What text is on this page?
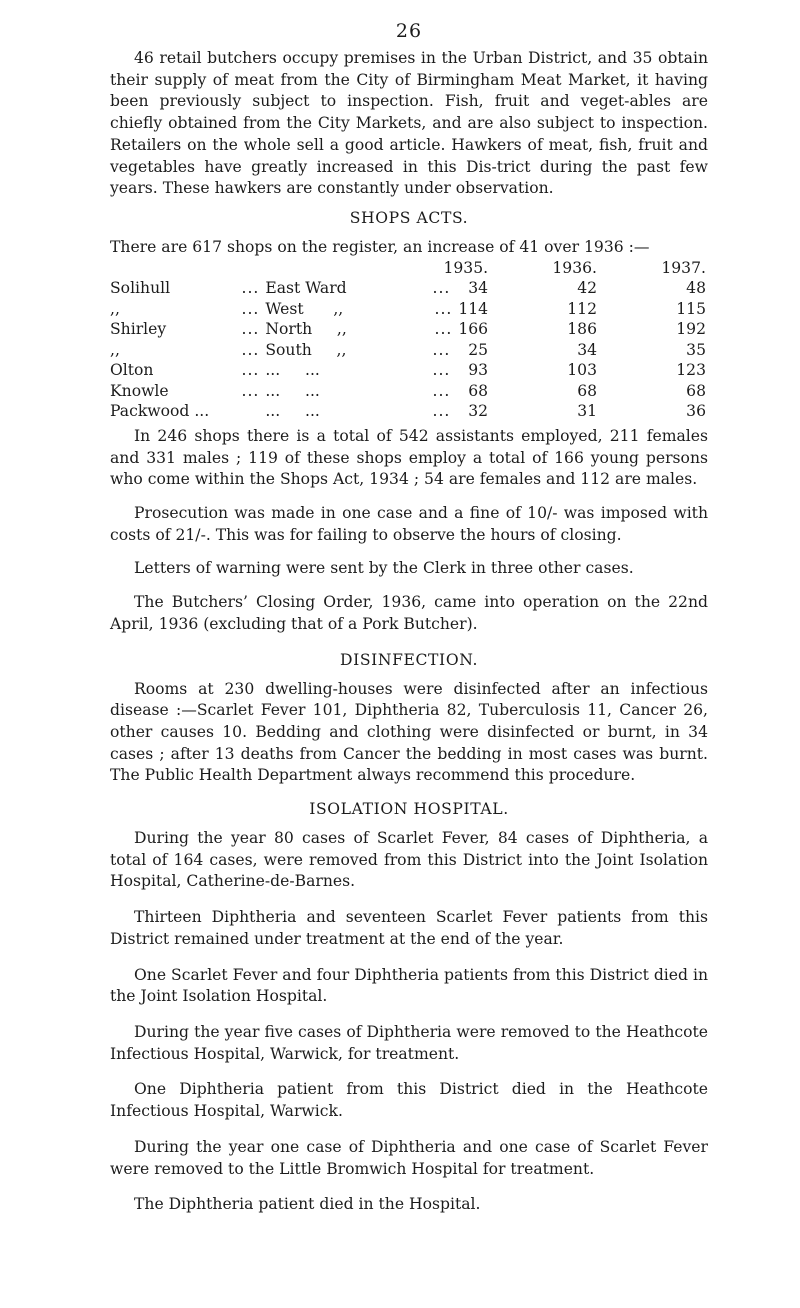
26

46 retail butchers occupy premises in the Urban District, and 35 obtain their supply of meat from the City of Birmingham Meat Market, it having been previously subject to inspection. Fish, fruit and veget-ables are chiefly obtained from the City Markets, and are also subject to inspection. Retailers on the whole sell a good article. Hawkers of meat, fish, fruit and vegetables have greatly increased in this Dis-trict during the past few years. These hawkers are constantly under observation.

SHOPS ACTS.
There are 617 shops on the register, an increase of 41 over 1936 :—
		1935.	1936.	1937.
Solihull	... East Ward	...   34	42	48
,,	... West      ,,	... 114	112	115
Shirley	... North     ,,	... 166	186	192
,,	... South     ,,	...   25	34	35
Olton	... ...     ...	...   93	103	123
Knowle	... ...     ...	...   68	68	68
Packwood ...	...     ...	...   32	31	36

In 246 shops there is a total of 542 assistants employed, 211 females and 331 males ; 119 of these shops employ a total of 166 young persons who come within the Shops Act, 1934 ; 54 are females and 112 are males.

Prosecution was made in one case and a fine of 10/- was imposed with costs of 21/-. This was for failing to observe the hours of closing.

Letters of warning were sent by the Clerk in three other cases.

The Butchers’ Closing Order, 1936, came into operation on the 22nd April, 1936 (excluding that of a Pork Butcher).

DISINFECTION.

Rooms at 230 dwelling-houses were disinfected after an infectious disease :—Scarlet Fever 101, Diphtheria 82, Tuberculosis 11, Cancer 26, other causes 10. Bedding and clothing were disinfected or burnt, in 34 cases ; after 13 deaths from Cancer the bedding in most cases was burnt. The Public Health Department always recommend this procedure.

ISOLATION HOSPITAL.

During the year 80 cases of Scarlet Fever, 84 cases of Diphtheria, a total of 164 cases, were removed from this District into the Joint Isolation Hospital, Catherine-de-Barnes.

Thirteen Diphtheria and seventeen Scarlet Fever patients from this District remained under treatment at the end of the year.

One Scarlet Fever and four Diphtheria patients from this District died in the Joint Isolation Hospital.

During the year five cases of Diphtheria were removed to the Heathcote Infectious Hospital, Warwick, for treatment.

One Diphtheria patient from this District died in the Heathcote Infectious Hospital, Warwick.

During the year one case of Diphtheria and one case of Scarlet Fever were removed to the Little Bromwich Hospital for treatment.

The Diphtheria patient died in the Hospital.
